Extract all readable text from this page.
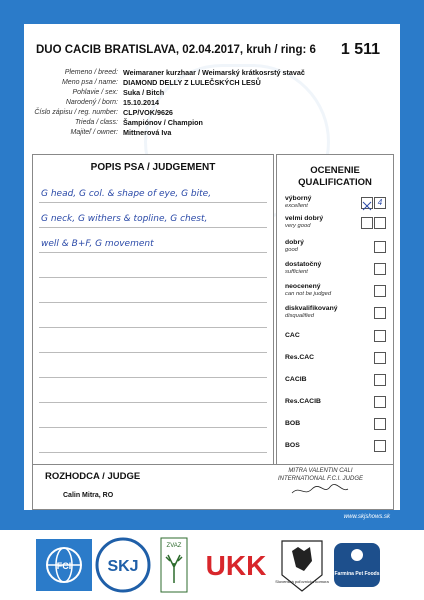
DUO CACIB BRATISLAVA, 02.04.2017, kruh / ring: 6 1 511
Plemeno / breed: Weimaraner kurzhaar / Weimarský krátkosrstý stavač
Meno psa / name: DIAMOND DELLY Z LULEČSKÝCH LESŮ
Pohlavie / sex: Suka / Bitch
Narodený / born: 15.10.2014
Číslo zápisu / reg. number: CLP/VOK/9626
Trieda / class: Šampiónov / Champion
Majiteľ / owner: Mittnerová Iva
POPIS PSA / JUDGEMENT
G head, G col. & shape of eye, G bite,
G neck, G withers & topline, G chest,
well & B+F, G movement
OCENENIE
QUALIFICATION
výborný
excellent	4
velmi dobrý
very good
dobrý
good
dostatočný
sufficient
neocenený
can not be judged
diskvalifikovaný
disqualified
CAC
Res.CAC
CACIB
Res.CACIB
BOB
BOS
ROZHODCA / JUDGE
Calin Mitra, RO
MITRA VALENTIN CALI
INTERNATIONAL F.C.I. JUDGE
www.skjshows.sk
FCI SKJ
ZVAZ
UKK
Slovenská poľovnícka komora
Farmina Pet Foods
